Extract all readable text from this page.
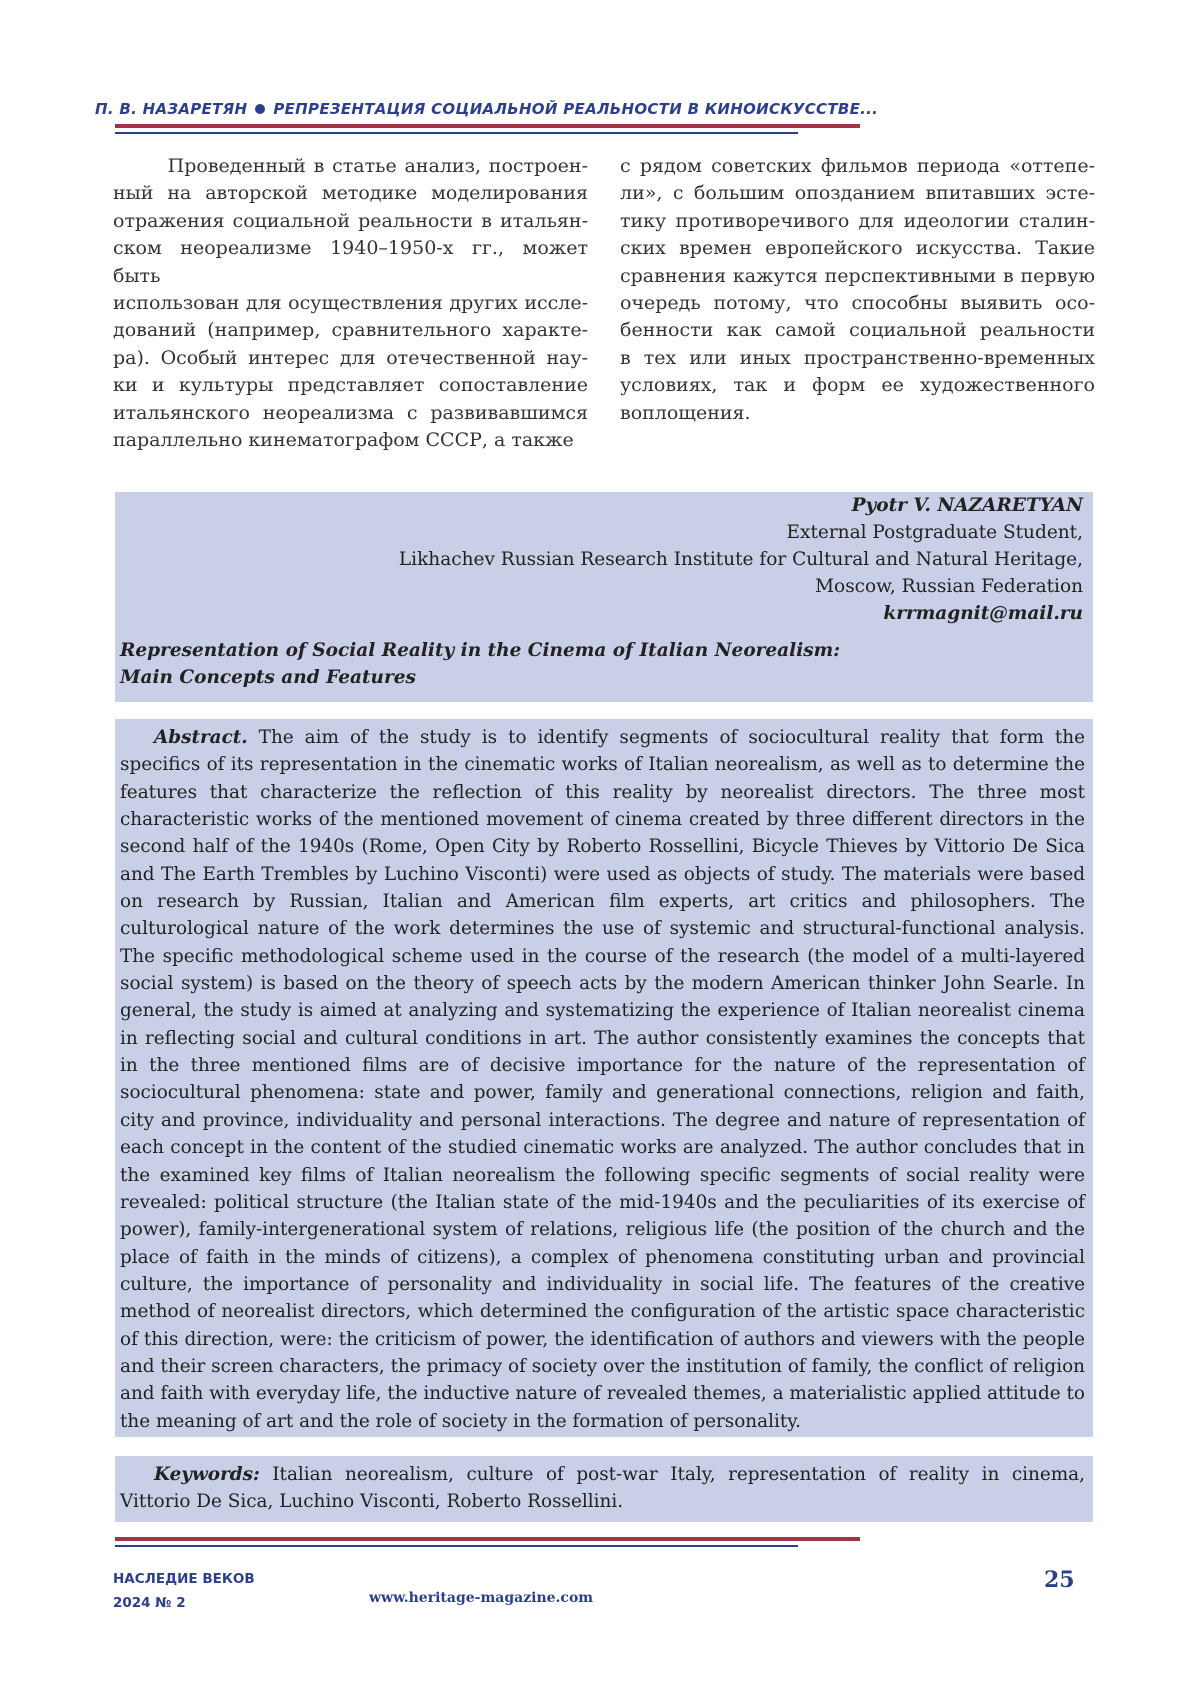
П. В. НАЗАРЕТЯН РЕПРЕЗЕНТАЦИЯ СОЦИАЛЬНОЙ РЕАЛЬНОСТИ В КИНОИСКУССТВЕ...
Проведенный в статье анализ, построен-
ный на авторской методике моделирования
отражения социальной реальности в итальян-
ском неореализме 1940–1950-х гг., может быть
использован для осуществления других иссле-
дований (например, сравнительного характе-
ра). Особый интерес для отечественной нау-
ки и культуры представляет сопоставление
итальянского неореализма с развивавшимся
параллельно кинематографом СССР, а также
с рядом советских фильмов периода «оттепе-
ли», с большим опозданием впитавших эсте-
тику противоречивого для идеологии сталин-
ских времен европейского искусства. Такие
сравнения кажутся перспективными в первую
очередь потому, что способны выявить осо-
бенности как самой социальной реальности
в тех или иных пространственно-временных
условиях, так и форм ее художественного
воплощения.
Pyotr V. NAZARETYAN
External Postgraduate Student,
Likhachev Russian Research Institute for Cultural and Natural Heritage,
Moscow, Russian Federation
krrmagnit@mail.ru
Representation of Social Reality in the Cinema of Italian Neorealism:
Main Concepts and Features
Abstract. The aim of the study is to identify segments of sociocultural reality that form the specifics of its representation in the cinematic works of Italian neorealism, as well as to determine the features that characterize the reflection of this reality by neorealist directors. The three most characteristic works of the mentioned movement of cinema created by three different directors in the second half of the 1940s (Rome, Open City by Roberto Rossellini, Bicycle Thieves by Vittorio De Sica and The Earth Trembles by Luchino Visconti) were used as objects of study. The materials were based on research by Russian, Italian and American film experts, art critics and philosophers. The culturological nature of the work determines the use of systemic and structural-functional analysis. The specific methodological scheme used in the course of the research (the model of a multi-layered social system) is based on the theory of speech acts by the modern American thinker John Searle. In general, the study is aimed at analyzing and systematizing the experience of Italian neorealist cinema in reflecting social and cultural conditions in art. The author consistently examines the concepts that in the three mentioned films are of decisive importance for the nature of the representation of sociocultural phenomena: state and power, family and generational connections, religion and faith, city and province, individuality and personal interactions. The degree and nature of representation of each concept in the content of the studied cinematic works are analyzed. The author concludes that in the examined key films of Italian neorealism the following specific segments of social reality were revealed: political structure (the Italian state of the mid-1940s and the peculiarities of its exercise of power), family-intergenerational system of relations, religious life (the position of the church and the place of faith in the minds of citizens), a complex of phenomena constituting urban and provincial culture, the importance of personality and individuality in social life. The features of the creative method of neorealist directors, which determined the configuration of the artistic space characteristic of this direction, were: the criticism of power, the identification of authors and viewers with the people and their screen characters, the primacy of society over the institution of family, the conflict of religion and faith with everyday life, the inductive nature of revealed themes, a materialistic applied attitude to the meaning of art and the role of society in the formation of personality.
Keywords: Italian neorealism, culture of post-war Italy, representation of reality in cinema, Vittorio De Sica, Luchino Visconti, Roberto Rossellini.
НАСЛЕДИЕ ВЕКОВ
2024 № 2	www.heritage-magazine.com
25
